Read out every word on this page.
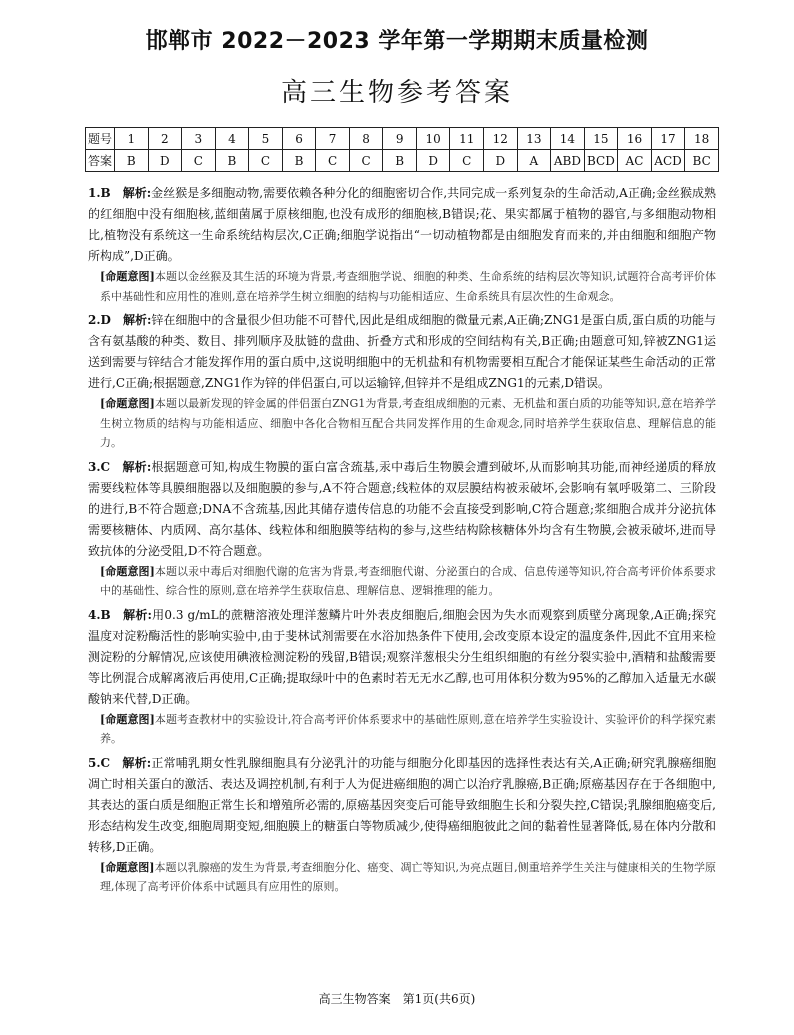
邯郸市 2022－2023 学年第一学期期末质量检测
高三生物参考答案
题号	1	2	3	4	5	6	7	8	9	10	11	12	13	14	15	16	17	18
答案	B	D	C	B	C	B	C	C	B	D	C	D	A	ABD	BCD	AC	ACD	BC

1.B　解析:金丝猴是多细胞动物,需要依赖各种分化的细胞密切合作,共同完成一系列复杂的生命活动,A正确;金丝猴成熟的红细胞中没有细胞核,蓝细菌属于原核细胞,也没有成形的细胞核,B错误;花、果实都属于植物的器官,与多细胞动物相比,植物没有系统这一生命系统结构层次,C正确;细胞学说指出“一切动植物都是由细胞发育而来的,并由细胞和细胞产物所构成”,D正确。

[命题意图]本题以金丝猴及其生活的环境为背景,考查细胞学说、细胞的种类、生命系统的结构层次等知识,试题符合高考评价体系中基础性和应用性的准则,意在培养学生树立细胞的结构与功能相适应、生命系统具有层次性的生命观念。

2.D　解析:锌在细胞中的含量很少但功能不可替代,因此是组成细胞的微量元素,A正确;ZNG1是蛋白质,蛋白质的功能与含有氨基酸的种类、数目、排列顺序及肽链的盘曲、折叠方式和形成的空间结构有关,B正确;由题意可知,锌被ZNG1运送到需要与锌结合才能发挥作用的蛋白质中,这说明细胞中的无机盐和有机物需要相互配合才能保证某些生命活动的正常进行,C正确;根据题意,ZNG1作为锌的伴侣蛋白,可以运输锌,但锌并不是组成ZNG1的元素,D错误。

[命题意图]本题以最新发现的锌金属的伴侣蛋白ZNG1为背景,考查组成细胞的元素、无机盐和蛋白质的功能等知识,意在培养学生树立物质的结构与功能相适应、细胞中各化合物相互配合共同发挥作用的生命观念,同时培养学生获取信息、理解信息的能力。

3.C　解析:根据题意可知,构成生物膜的蛋白富含巯基,汞中毒后生物膜会遭到破坏,从而影响其功能,而神经递质的释放需要线粒体等具膜细胞器以及细胞膜的参与,A不符合题意;线粒体的双层膜结构被汞破坏,会影响有氧呼吸第二、三阶段的进行,B不符合题意;DNA不含巯基,因此其储存遗传信息的功能不会直接受到影响,C符合题意;浆细胞合成并分泌抗体需要核糖体、内质网、高尔基体、线粒体和细胞膜等结构的参与,这些结构除核糖体外均含有生物膜,会被汞破坏,进而导致抗体的分泌受阻,D不符合题意。

[命题意图]本题以汞中毒后对细胞代谢的危害为背景,考查细胞代谢、分泌蛋白的合成、信息传递等知识,符合高考评价体系要求中的基础性、综合性的原则,意在培养学生获取信息、理解信息、逻辑推理的能力。

4.B　解析:用0.3 g/mL的蔗糖溶液处理洋葱鳞片叶外表皮细胞后,细胞会因为失水而观察到质壁分离现象,A正确;探究温度对淀粉酶活性的影响实验中,由于斐林试剂需要在水浴加热条件下使用,会改变原本设定的温度条件,因此不宜用来检测淀粉的分解情况,应该使用碘液检测淀粉的残留,B错误;观察洋葱根尖分生组织细胞的有丝分裂实验中,酒精和盐酸需要等比例混合成解离液后再使用,C正确;提取绿叶中的色素时若无无水乙醇,也可用体积分数为95%的乙醇加入适量无水碳酸钠来代替,D正确。

[命题意图]本题考查教材中的实验设计,符合高考评价体系要求中的基础性原则,意在培养学生实验设计、实验评价的科学探究素养。

5.C　解析:正常哺乳期女性乳腺细胞具有分泌乳汁的功能与细胞分化即基因的选择性表达有关,A正确;研究乳腺癌细胞凋亡时相关蛋白的激活、表达及调控机制,有利于人为促进癌细胞的凋亡以治疗乳腺癌,B正确;原癌基因存在于各细胞中,其表达的蛋白质是细胞正常生长和增殖所必需的,原癌基因突变后可能导致细胞生长和分裂失控,C错误;乳腺细胞癌变后,形态结构发生改变,细胞周期变短,细胞膜上的糖蛋白等物质减少,使得癌细胞彼此之间的黏着性显著降低,易在体内分散和转移,D正确。

[命题意图]本题以乳腺癌的发生为背景,考查细胞分化、癌变、凋亡等知识,为亮点题目,侧重培养学生关注与健康相关的生物学原理,体现了高考评价体系中试题具有应用性的原则。

高三生物答案　第1页(共6页)
